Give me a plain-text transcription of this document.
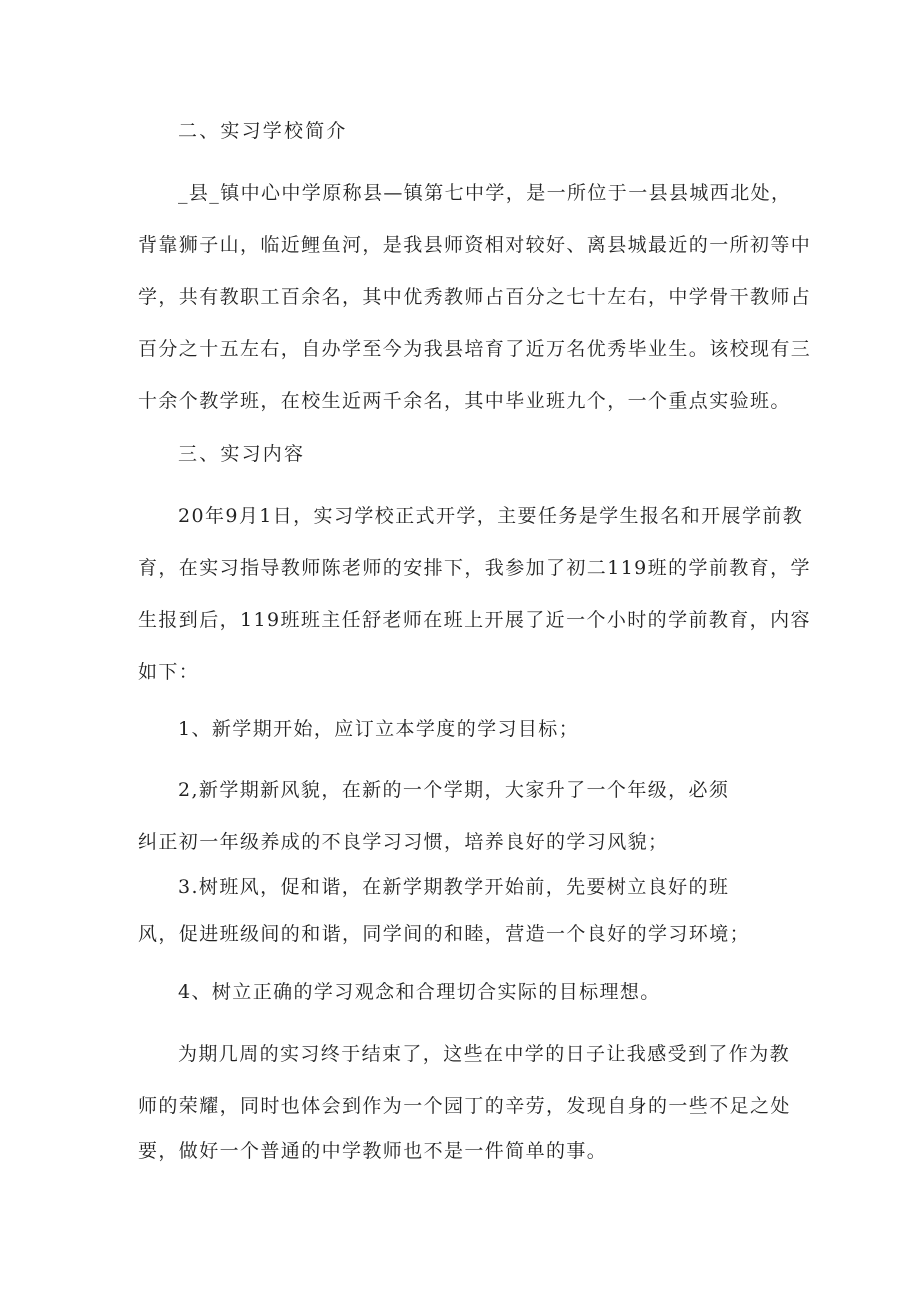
二、实习学校简介
_县_镇中心中学原称县—镇第七中学，是一所位于一县县城西北处，
背靠狮子山，临近鲤鱼河，是我县师资相对较好、离县城最近的一所初等中
学，共有教职工百余名，其中优秀教师占百分之七十左右，中学骨干教师占
百分之十五左右，自办学至今为我县培育了近万名优秀毕业生。该校现有三
十余个教学班，在校生近两千余名，其中毕业班九个，一个重点实验班。
三、实习内容
20年9月1日，实习学校正式开学，主要任务是学生报名和开展学前教
育，在实习指导教师陈老师的安排下，我参加了初二119班的学前教育，学
生报到后，119班班主任舒老师在班上开展了近一个小时的学前教育，内容
如下：
1、新学期开始，应订立本学度的学习目标；
2,新学期新风貌，在新的一个学期，大家升了一个年级，必须
纠正初一年级养成的不良学习习惯，培养良好的学习风貌；
3.树班风，促和谐，在新学期教学开始前，先要树立良好的班
风，促进班级间的和谐，同学间的和睦，营造一个良好的学习环境；
4、树立正确的学习观念和合理切合实际的目标理想。
为期几周的实习终于结束了，这些在中学的日子让我感受到了作为教
师的荣耀，同时也体会到作为一个园丁的辛劳，发现自身的一些不足之处
要，做好一个普通的中学教师也不是一件简单的事。
